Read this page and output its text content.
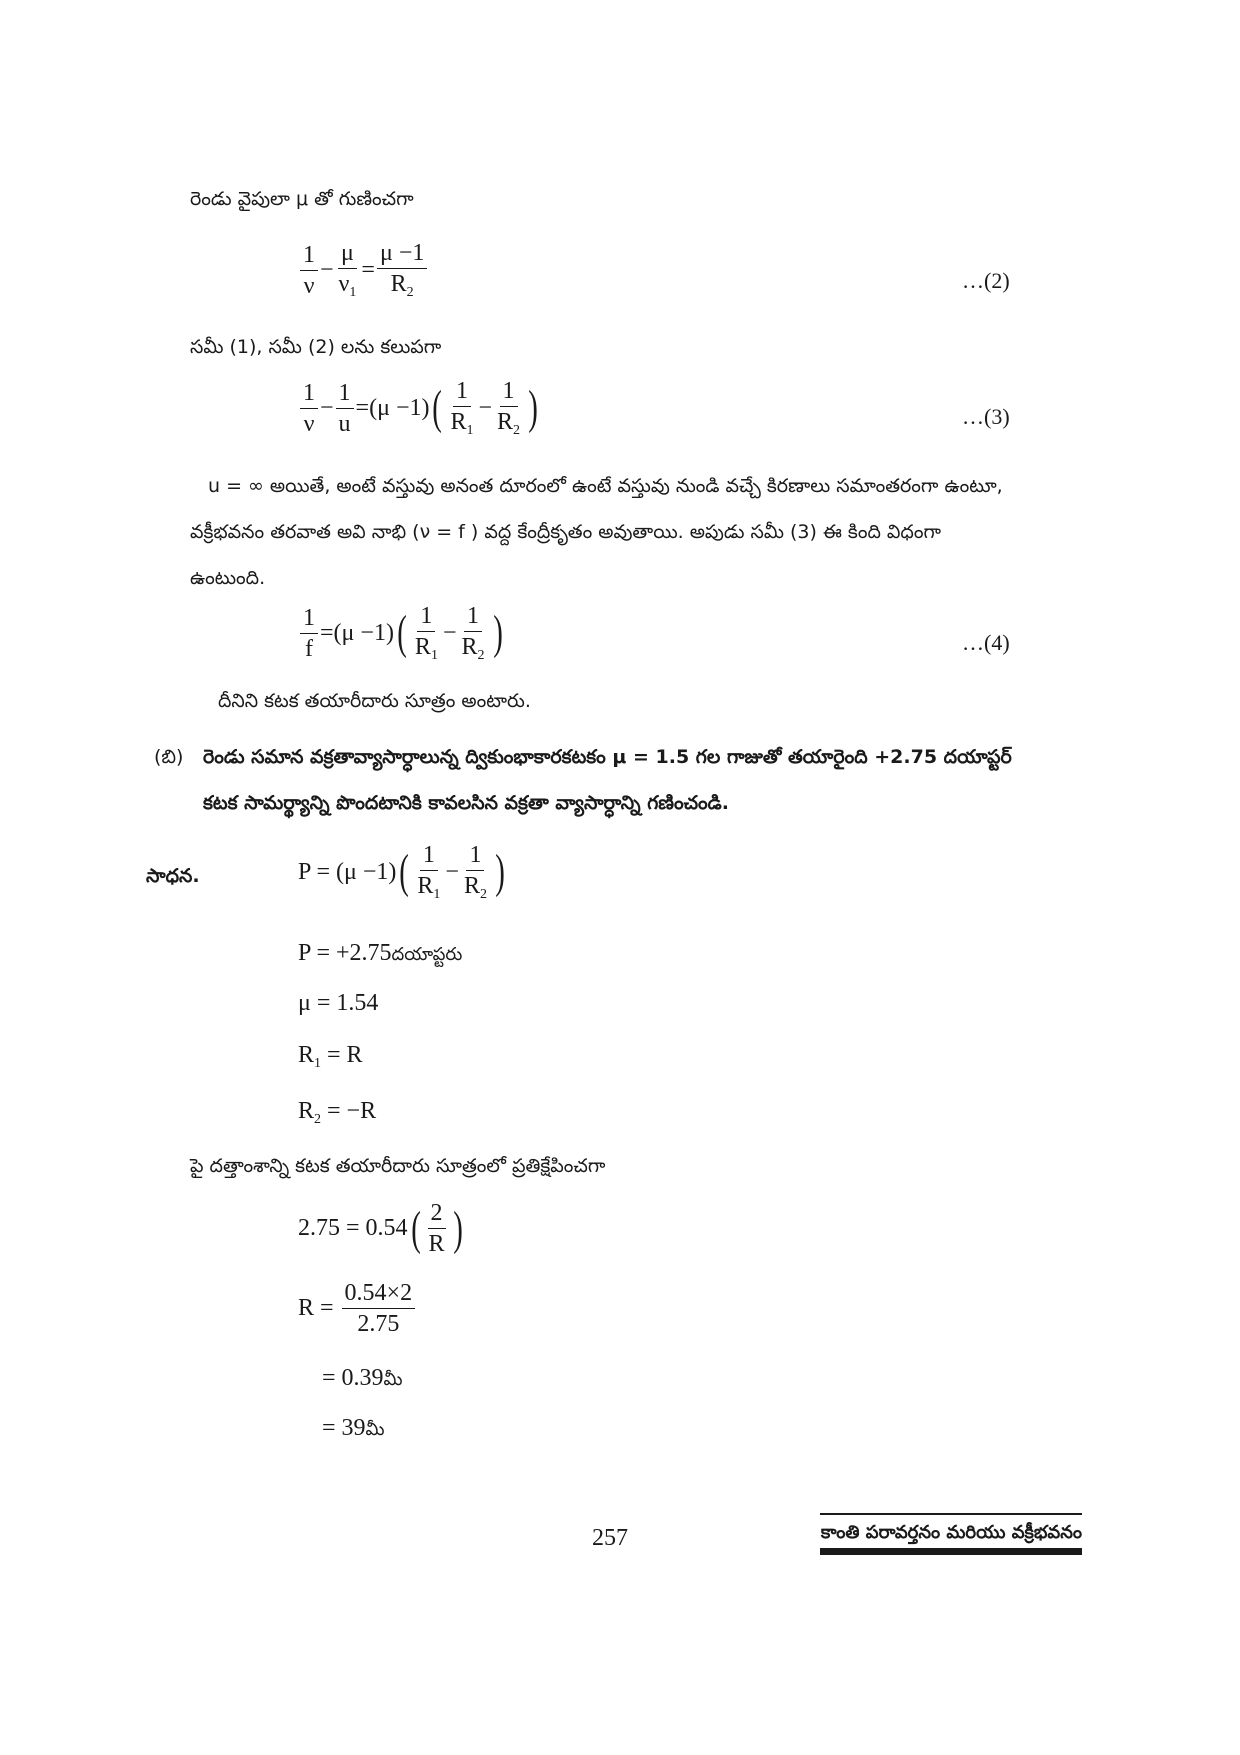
రెండు వైపులా μ తో గుణించగా
$\frac{1}{\nu} - \frac{\mu}{\nu_1} = \frac{\mu -1}{R_2}$	…(2)
సమీ (1), సమీ (2) లను కలుపగా
$\frac{1}{\nu} - \frac{1}{u} = (\mu -1)$ ( $\frac{1}{R_1} - \frac{1}{R_2}$ )	…(3)
u = ∞ అయితే, అంటే వస్తువు అనంత దూరంలో ఉంటే వస్తువు నుండి వచ్చే కిరణాలు సమాంతరంగా ఉంటూ,
వక్రీభవనం తరవాత అవి నాభి (ν = f ) వద్ద కేంద్రీకృతం అవుతాయి. అపుడు సమీ (3) ఈ కింది విధంగా
ఉంటుంది.
$\frac{1}{f} = (\mu -1)$ ( $\frac{1}{R_1} - \frac{1}{R_2}$ )	…(4)
దీనిని కటక తయారీదారు సూత్రం అంటారు.
(బి) రెండు సమాన వక్రతావ్యాసార్ధాలున్న ద్వికుంభాకారకటకం μ = 1.5 గల గాజుతో తయారైంది +2.75 దయాప్టర్
కటక సామర్థ్యాన్ని పొందటానికి కావలసిన వక్రతా వ్యాసార్ధాన్ని గణించండి.
సాధన.	P = (μ −1) ( $\frac{1}{R_1} - \frac{1}{R_2}$ )
P = +2.75దయాప్టరు
μ = 1.54
$R_1 = R$
$R_2 = -R$
పై దత్తాంశాన్ని కటక తయారీదారు సూత్రంలో ప్రతిక్షేపించగా
2.75 = 0.54 ( $\frac{2}{R}$ )
R =
$\frac{0.54\times 2}{2.75}$
= 0.39మీ
= 39మీ
257	కాంతి పరావర్తనం మరియు వక్రీభవనం
